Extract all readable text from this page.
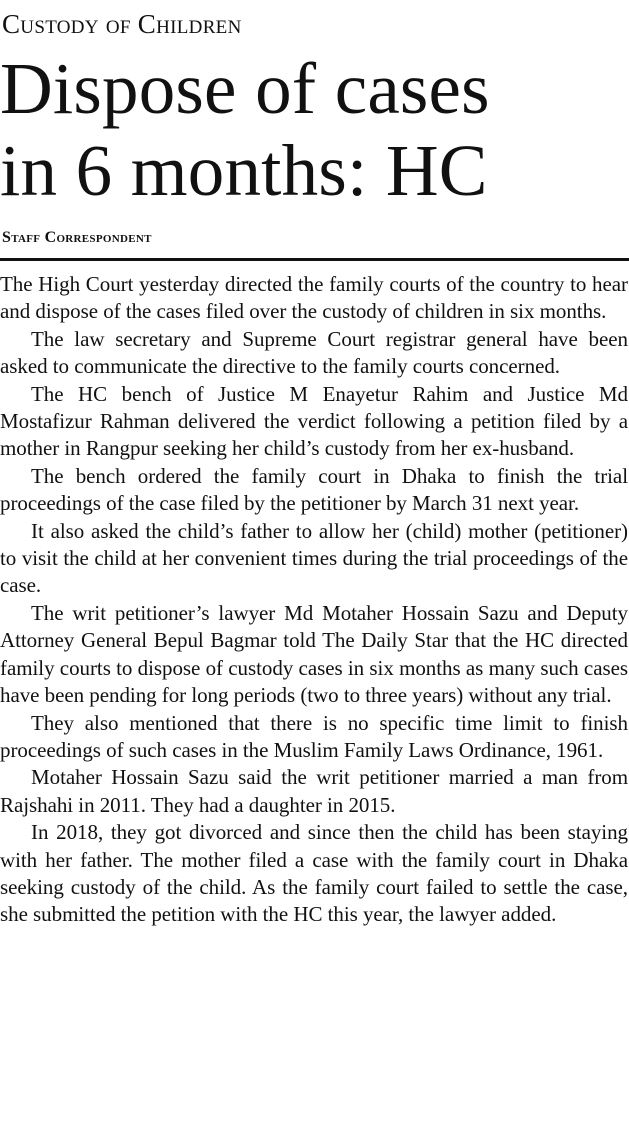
Custody of Children
Dispose of cases
in 6 months: HC
Staff Correspondent

The High Court yesterday directed the family courts of the country to hear and dispose of the cases filed over the custody of children in six months.

The law secretary and Supreme Court registrar general have been asked to communicate the directive to the family courts concerned.

The HC bench of Justice M Enayetur Rahim and Justice Md Mostafizur Rahman delivered the verdict following a petition filed by a mother in Rangpur seeking her child’s custody from her ex-husband.

The bench ordered the family court in Dhaka to finish the trial proceedings of the case filed by the petitioner by March 31 next year.

It also asked the child’s father to allow her (child) mother (petitioner) to visit the child at her convenient times during the trial proceedings of the case.

The writ petitioner’s lawyer Md Motaher Hossain Sazu and Deputy Attorney General Bepul Bagmar told The Daily Star that the HC directed family courts to dispose of custody cases in six months as many such cases have been pending for long periods (two to three years) without any trial.

They also mentioned that there is no specific time limit to finish proceedings of such cases in the Muslim Family Laws Ordinance, 1961.

Motaher Hossain Sazu said the writ petitioner married a man from Rajshahi in 2011. They had a daughter in 2015.

In 2018, they got divorced and since then the child has been staying with her father. The mother filed a case with the family court in Dhaka seeking custody of the child. As the family court failed to settle the case, she submitted the petition with the HC this year, the lawyer added.
